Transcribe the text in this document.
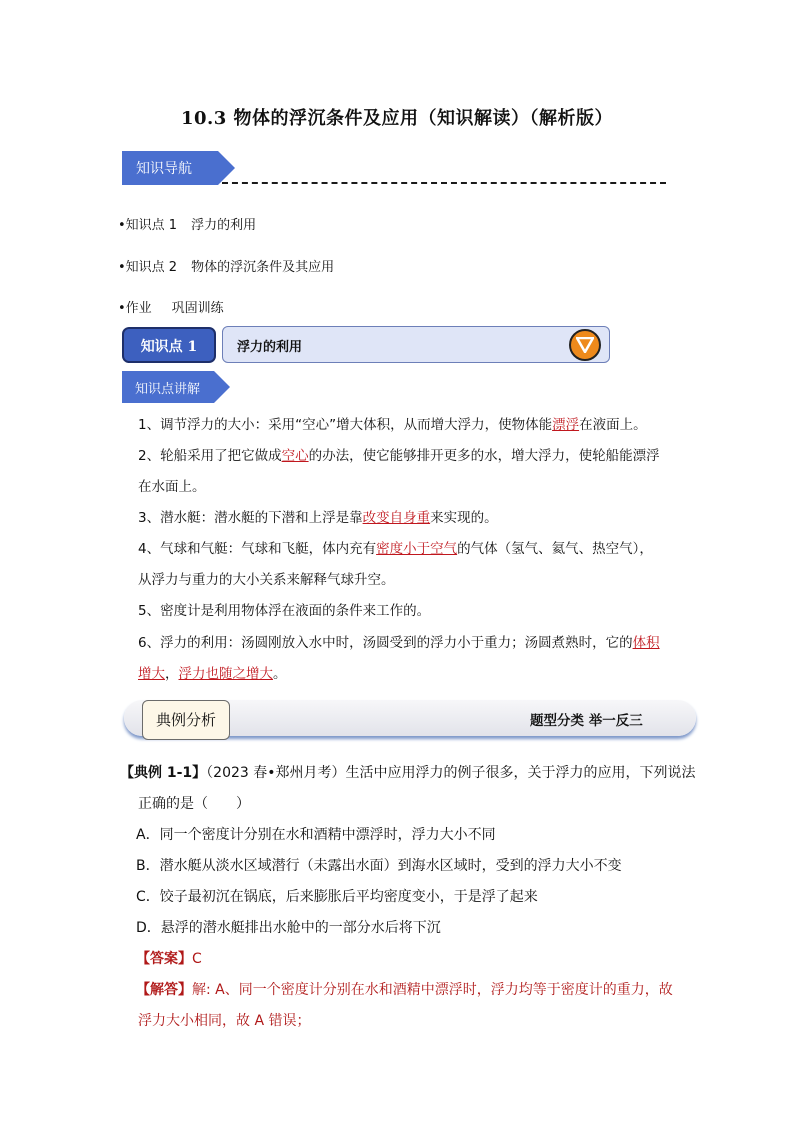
10.3 物体的浮沉条件及应用（知识解读）（解析版）
知识导航
•知识点 1 浮力的利用
•知识点 2 物体的浮沉条件及其应用
•作业 巩固训练
知识点 1	浮力的利用
知识点讲解
1、调节浮力的大小：采用“空心”增大体积，从而增大浮力，使物体能漂浮在液面上。
2、轮船采用了把它做成空心的办法，使它能够排开更多的水，增大浮力，使轮船能漂浮
在水面上。
3、潜水艇：潜水艇的下潜和上浮是靠改变自身重来实现的。
4、气球和气艇：气球和飞艇，体内充有密度小于空气的气体（氢气、氦气、热空气），
从浮力与重力的大小关系来解释气球升空。
5、密度计是利用物体浮在液面的条件来工作的。
6、浮力的利用：汤圆刚放入水中时，汤圆受到的浮力小于重力；汤圆煮熟时，它的体积
增大，浮力也随之增大。
典例分析	题型分类 举一反三
【典例 1-1】（2023 春•郑州月考）生活中应用浮力的例子很多，关于浮力的应用，下列说法
正确的是（　　）
A．同一个密度计分别在水和酒精中漂浮时，浮力大小不同
B．潜水艇从淡水区域潜行（未露出水面）到海水区域时，受到的浮力大小不变
C．饺子最初沉在锅底，后来膨胀后平均密度变小，于是浮了起来
D．悬浮的潜水艇排出水舱中的一部分水后将下沉
【答案】C
【解答】解: A、同一个密度计分别在水和酒精中漂浮时，浮力均等于密度计的重力，故
浮力大小相同，故 A 错误；
